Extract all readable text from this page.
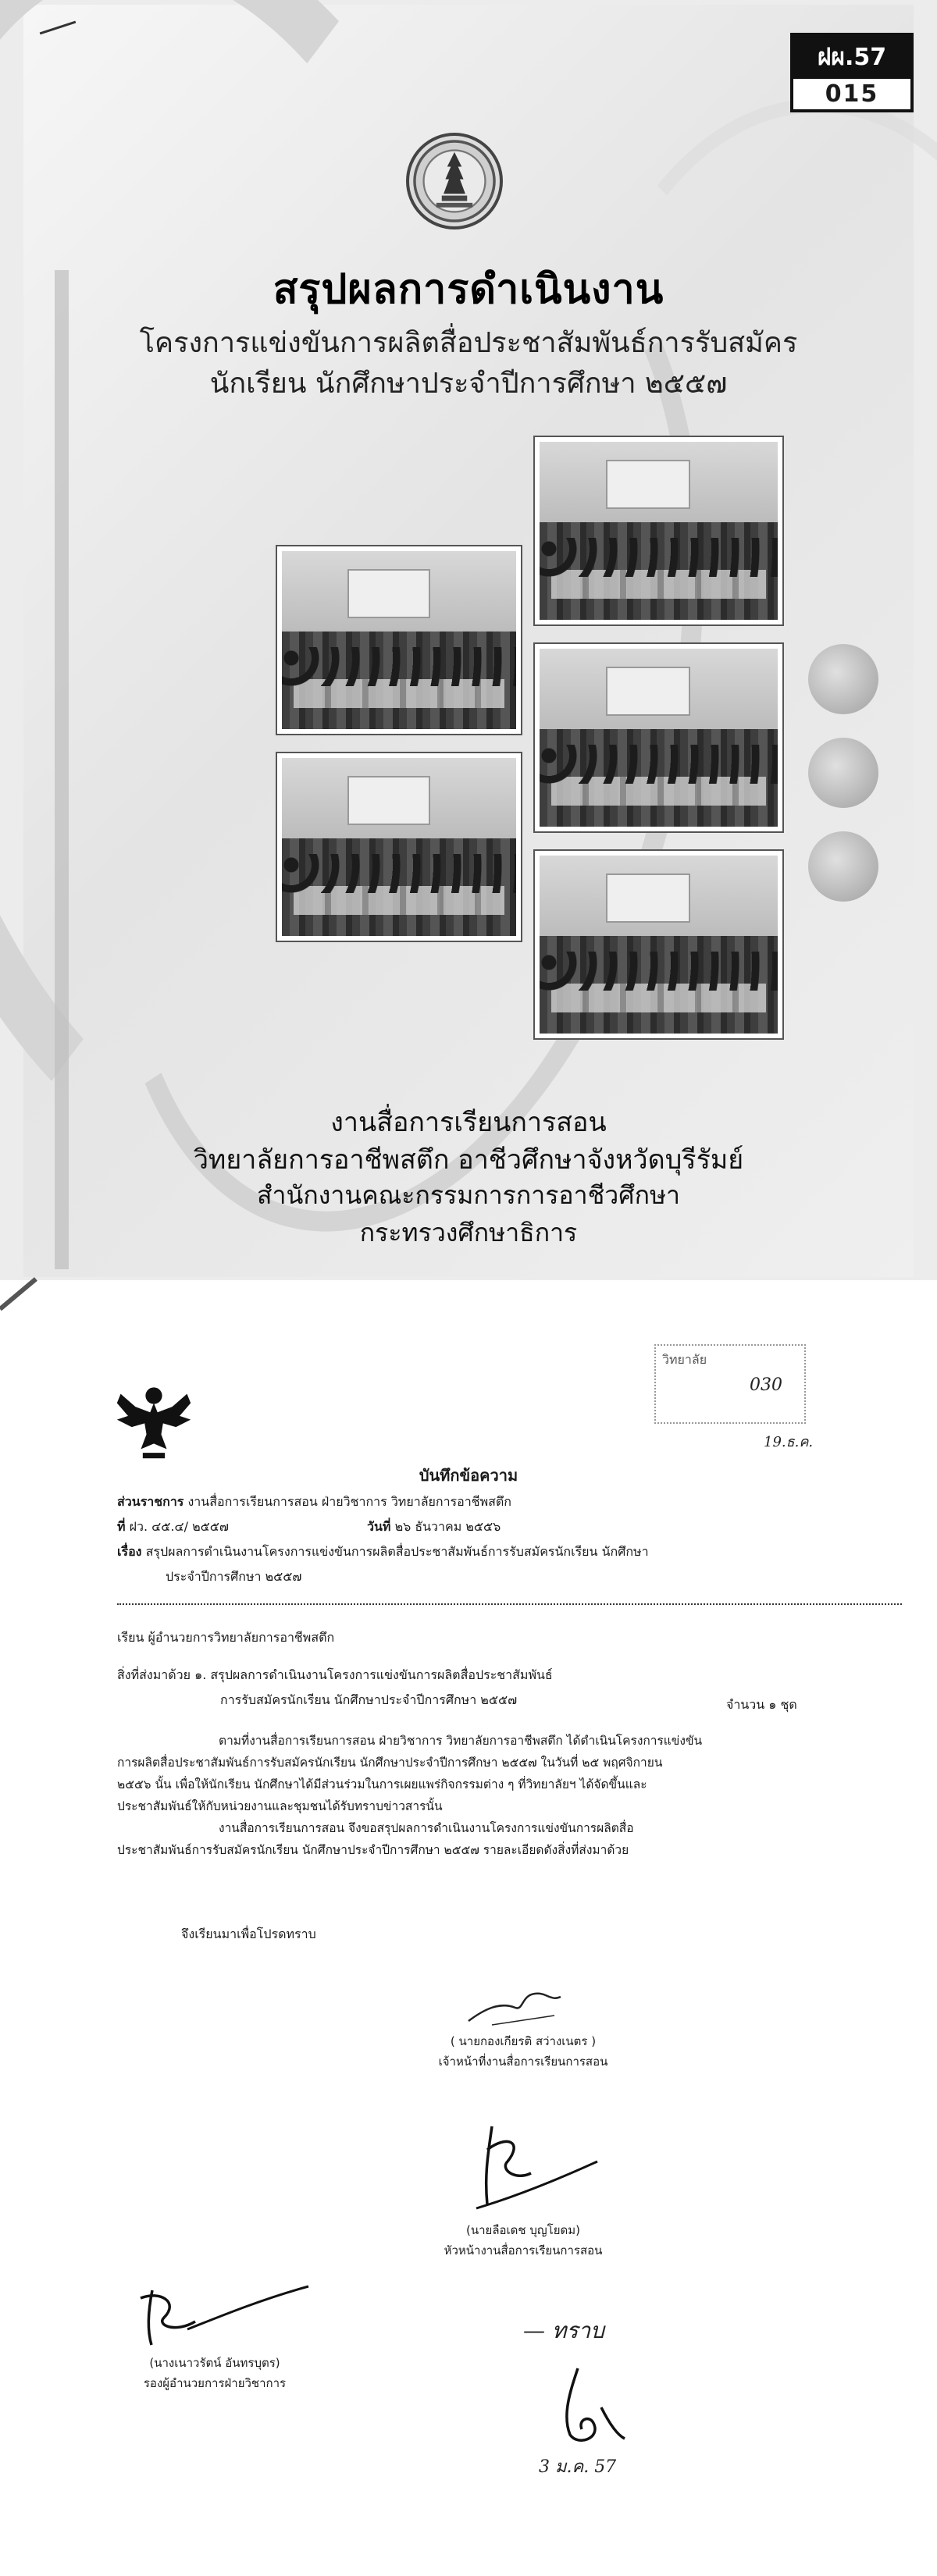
ฝผ.57
015
สรุปผลการดำเนินงาน
โครงการแข่งขันการผลิตสื่อประชาสัมพันธ์การรับสมัคร
นักเรียน นักศึกษาประจำปีการศึกษา ๒๕๕๗
งานสื่อการเรียนการสอน
วิทยาลัยการอาชีพสตึก อาชีวศึกษาจังหวัดบุรีรัมย์
สำนักงานคณะกรรมการการอาชีวศึกษา
กระทรวงศึกษาธิการ
วิทยาลัย
030
19.ธ.ค.
บันทึกข้อความ
ส่วนราชการ งานสื่อการเรียนการสอน ฝ่ายวิชาการ วิทยาลัยการอาชีพสตึก
ที่ ฝว. ๔๕.๔/ ๒๕๕๗	วันที่ ๒๖ ธันวาคม ๒๕๕๖
เรื่อง สรุปผลการดำเนินงานโครงการแข่งขันการผลิตสื่อประชาสัมพันธ์การรับสมัครนักเรียน นักศึกษา
ประจำปีการศึกษา ๒๕๕๗
เรียน ผู้อำนวยการวิทยาลัยการอาชีพสตึก
สิ่งที่ส่งมาด้วย ๑. สรุปผลการดำเนินงานโครงการแข่งขันการผลิตสื่อประชาสัมพันธ์
การรับสมัครนักเรียน นักศึกษาประจำปีการศึกษา ๒๕๕๗	จำนวน ๑ ชุด
ตามที่งานสื่อการเรียนการสอน ฝ่ายวิชาการ วิทยาลัยการอาชีพสตึก ได้ดำเนินโครงการแข่งขัน
การผลิตสื่อประชาสัมพันธ์การรับสมัครนักเรียน นักศึกษาประจำปีการศึกษา ๒๕๕๗ ในวันที่ ๒๕ พฤศจิกายน
๒๕๕๖ นั้น เพื่อให้นักเรียน นักศึกษาได้มีส่วนร่วมในการเผยแพร่กิจกรรมต่าง ๆ ที่วิทยาลัยฯ ได้จัดขึ้นและ
ประชาสัมพันธ์ให้กับหน่วยงานและชุมชนได้รับทราบข่าวสารนั้น
งานสื่อการเรียนการสอน จึงขอสรุปผลการดำเนินงานโครงการแข่งขันการผลิตสื่อ
ประชาสัมพันธ์การรับสมัครนักเรียน นักศึกษาประจำปีการศึกษา ๒๕๕๗ รายละเอียดดังสิ่งที่ส่งมาด้วย
จึงเรียนมาเพื่อโปรดทราบ
( นายกองเกียรติ สว่างเนตร )
เจ้าหน้าที่งานสื่อการเรียนการสอน
(นายลือเดช บุญโยดม)
หัวหน้างานสื่อการเรียนการสอน
(นางเนาวรัตน์ อันทรบุตร)
รองผู้อำนวยการฝ่ายวิชาการ
— ทราบ
3 ม.ค. 57
